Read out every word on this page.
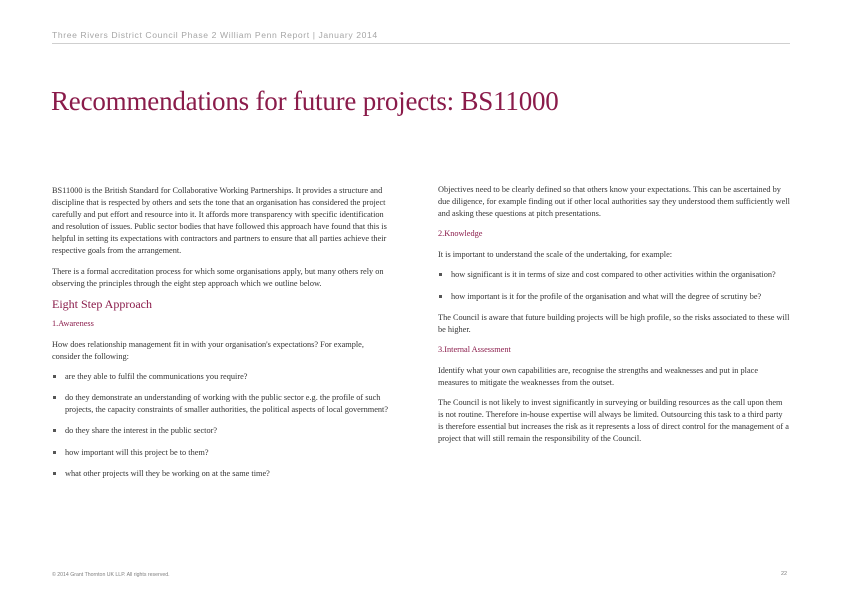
Three Rivers District Council Phase 2 William Penn Report | January 2014
Recommendations for future projects: BS11000

BS11000 is the British Standard for Collaborative Working Partnerships. It provides a structure and discipline that is respected by others and sets the tone that an organisation has considered the project carefully and put effort and resource into it. It affords more transparency with specific identification and resolution of issues. Public sector bodies that have followed this approach have found that this is helpful in setting its expectations with contractors and partners to ensure that all parties achieve their respective goals from the arrangement.

There is a formal accreditation process for which some organisations apply, but many others rely on observing the principles through the eight step approach which we outline below.

Eight Step Approach
1.Awareness

How does relationship management fit in with your organisation's expectations? For example, consider the following:

are they able to fulfil the communications you require?
do they demonstrate an understanding of working with the public sector e.g. the profile of such projects, the capacity constraints of smaller authorities, the political aspects of local government?
do they share the interest in the public sector?
how important will this project be to them?
what other projects will they be working on at the same time?

Objectives need to be clearly defined so that others know your expectations. This can be ascertained by due diligence, for example finding out if other local authorities say they understood them sufficiently well and asking these questions at pitch presentations.

2.Knowledge

It is important to understand the scale of the undertaking, for example:

how significant is it in terms of size and cost compared to other activities within the organisation?
how important is it for the profile of the organisation and what will the degree of scrutiny be?

The Council is aware that future building projects will be high profile, so the risks associated to these will be higher.

3.Internal Assessment

Identify what your own capabilities are, recognise the strengths and weaknesses and put in place measures to mitigate the weaknesses from the outset.

The Council is not likely to invest significantly in surveying or building resources as the call upon them is not routine. Therefore in-house expertise will always be limited. Outsourcing this task to a third party is therefore essential but increases the risk as it represents a loss of direct control for the management of a project that will still remain the responsibility of the Council.

© 2014 Grant Thornton UK LLP. All rights reserved.	22
